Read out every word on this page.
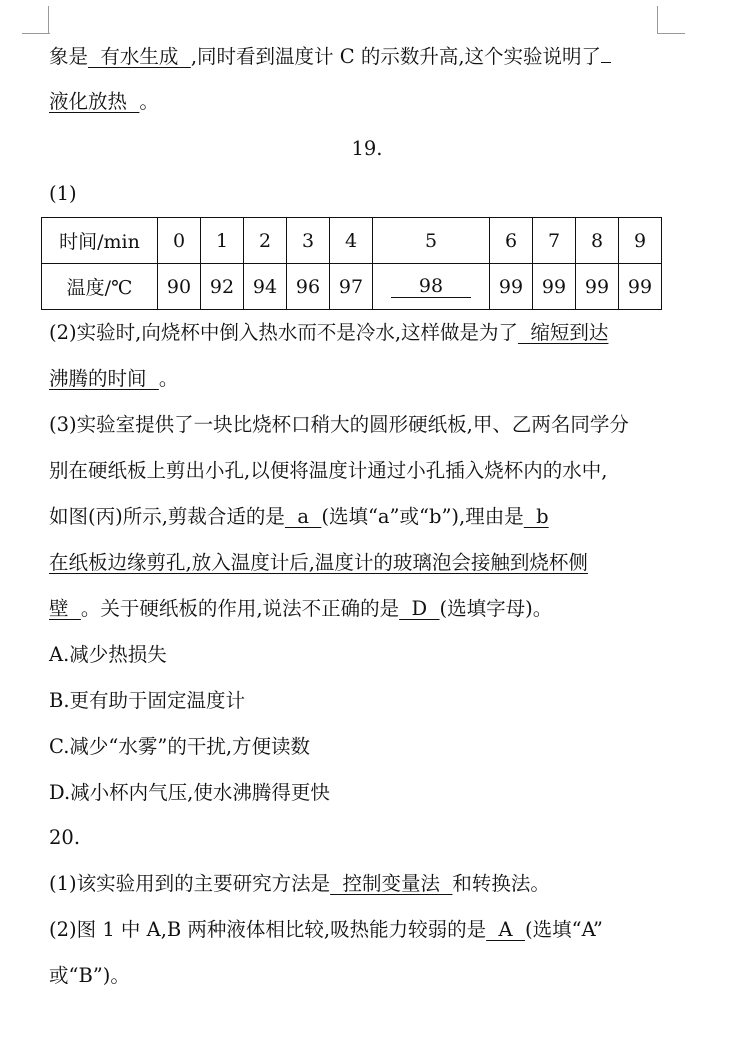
象是  有水生成  ,同时看到温度计 C 的示数升高,这个实验说明了
液化放热  。
19.
(1)
时间/min	0	1	2	3	4	5	6	7	8	9
温度/℃	90	92	94	96	97	98	99	99	99	99
(2)实验时,向烧杯中倒入热水而不是冷水,这样做是为了  缩短到达
沸腾的时间  。
(3)实验室提供了一块比烧杯口稍大的圆形硬纸板,甲、乙两名同学分
别在硬纸板上剪出小孔,以便将温度计通过小孔插入烧杯内的水中,
如图(丙)所示,剪裁合适的是  a  (选填“a”或“b”),理由是  b
在纸板边缘剪孔,放入温度计后,温度计的玻璃泡会接触到烧杯侧
壁  。关于硬纸板的作用,说法不正确的是  D  (选填字母)。
A.减少热损失
B.更有助于固定温度计
C.减少“水雾”的干扰,方便读数
D.减小杯内气压,使水沸腾得更快
20.
(1)该实验用到的主要研究方法是  控制变量法  和转换法。
(2)图 1 中 A,B 两种液体相比较,吸热能力较弱的是  A  (选填“A”
或“B”)。
